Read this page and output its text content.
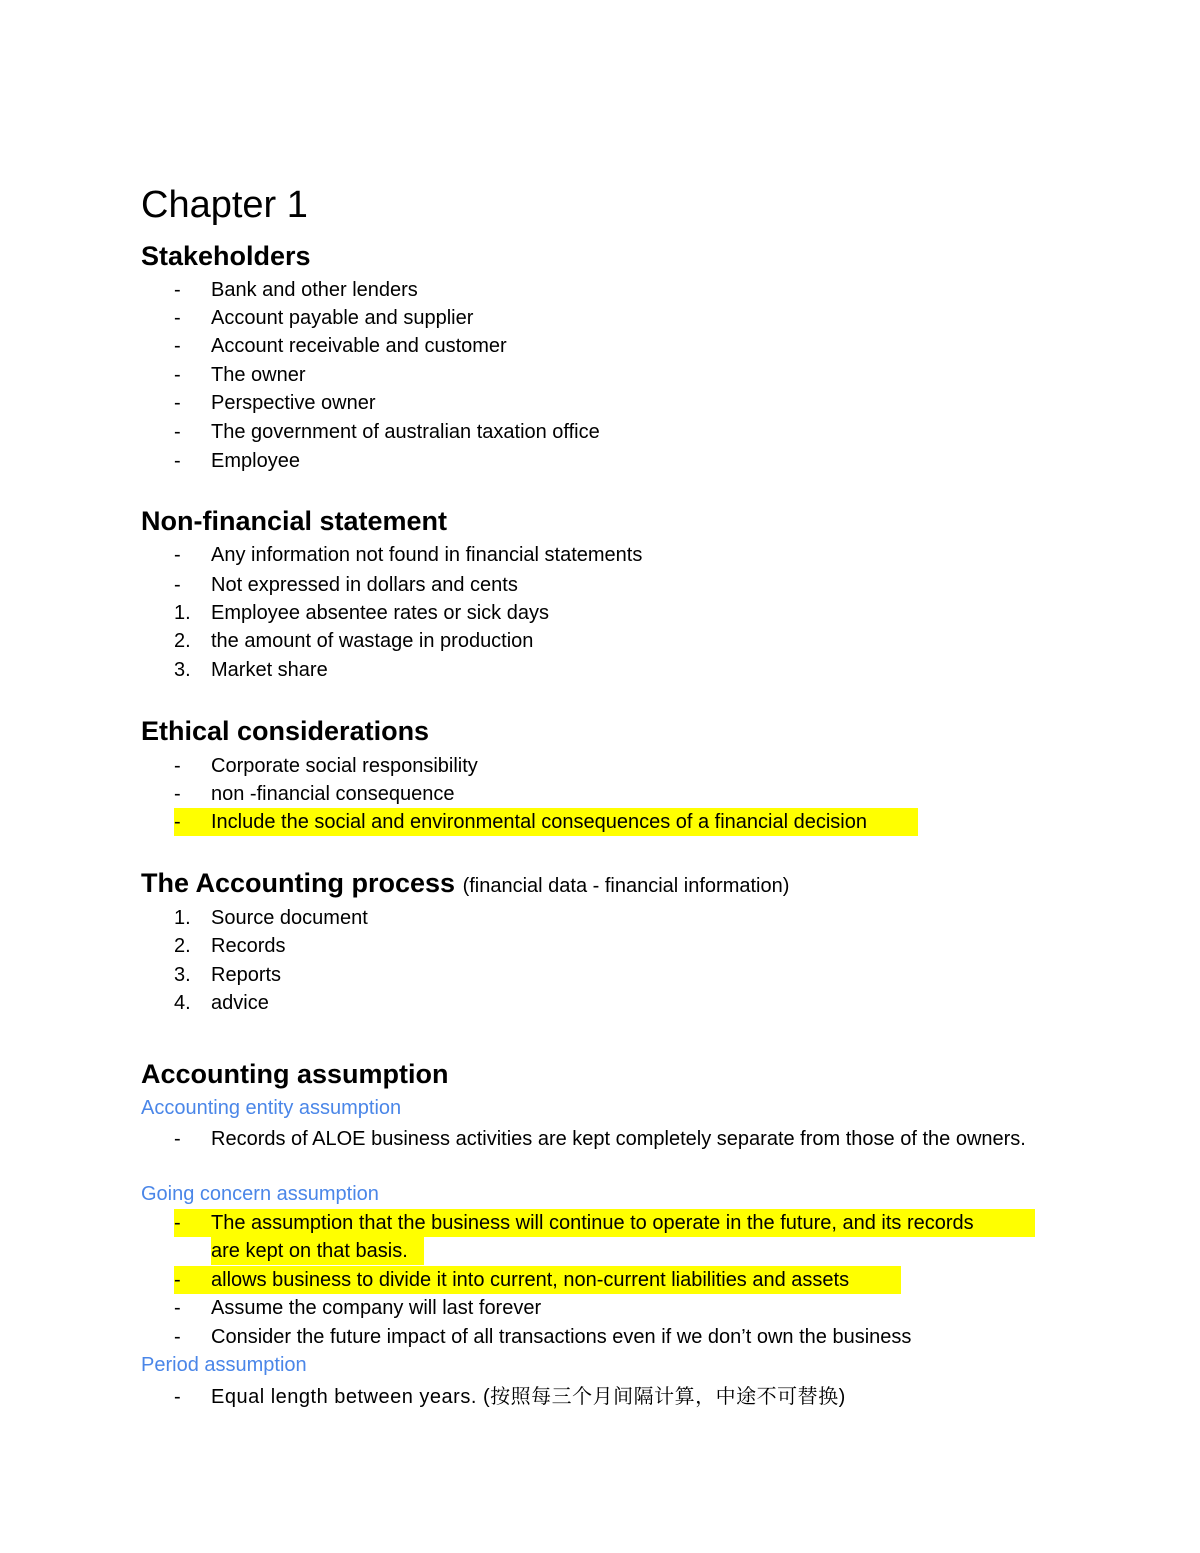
Chapter 1
Stakeholders
- Bank and other lenders
- Account payable and supplier
- Account receivable and customer
- The owner
- Perspective owner
- The government of australian taxation office
- Employee
Non-financial statement
- Any information not found in financial statements
- Not expressed in dollars and cents
1. Employee absentee rates or sick days
2. the amount of wastage in production
3. Market share
Ethical considerations
- Corporate social responsibility
- non -financial consequence
- Include the social and environmental consequences of a financial decision
The Accounting process (financial data - financial information)
1. Source document
2. Records
3. Reports
4. advice
Accounting assumption
Accounting entity assumption
- Records of ALOE business activities are kept completely separate from those of the owners.
Going concern assumption
- The assumption that the business will continue to operate in the future, and its records
are kept on that basis.
- allows business to divide it into current, non-current liabilities and assets
- Assume the company will last forever
- Consider the future impact of all transactions even if we don’t own the business
Period assumption
- Equal length between years. (按照每三个月间隔计算，中途不可替换)
